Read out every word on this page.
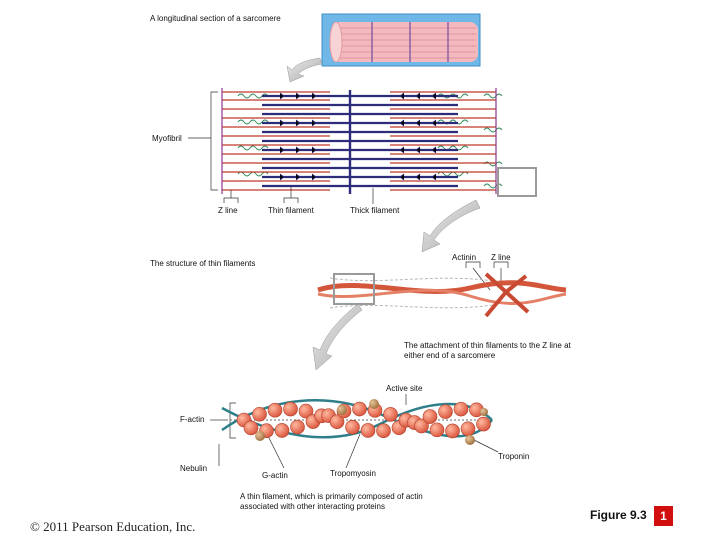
A longitudinal section of a sarcomere
Myofibril
Z line	Thin filament	Thick filament
Actinin Z line
The structure of thin filaments
The attachment of thin filaments to the Z line at either end of a sarcomere
Active site
F-actin
Troponin
Nebulin
G-actin	Tropomyosin
A thin filament, which is primarily composed of actin associated with other interacting proteins
© 2011 Pearson Education, Inc.
Figure 9.3	1
